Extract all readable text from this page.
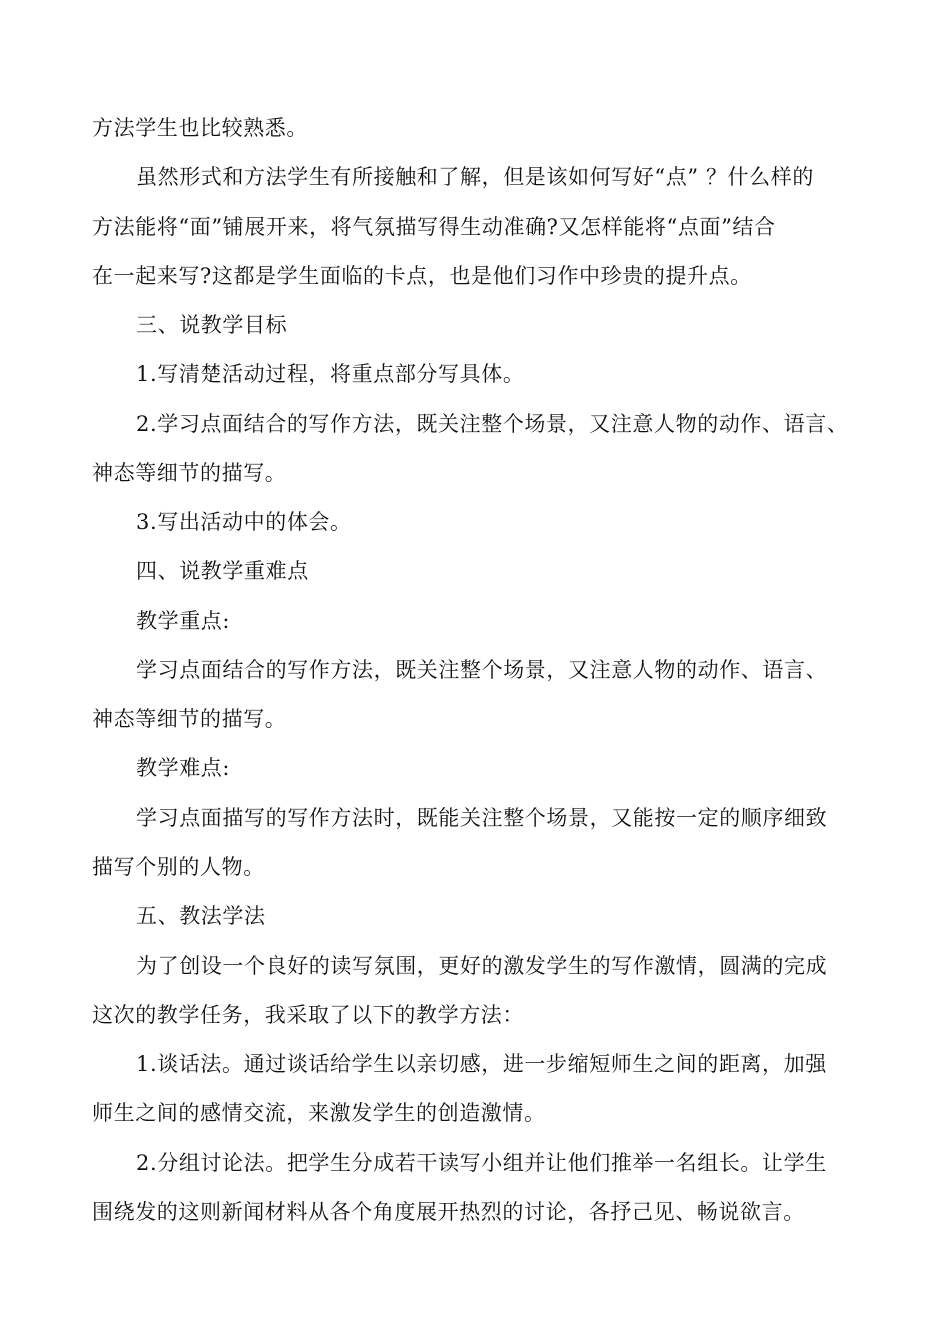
方法学生也比较熟悉。
虽然形式和方法学生有所接触和了解，但是该如何写好“点” ？什么样的
方法能将“面”铺展开来，将气氛描写得生动准确?又怎样能将“点面”结合
在一起来写?这都是学生面临的卡点，也是他们习作中珍贵的提升点。
三、说教学目标
1.写清楚活动过程，将重点部分写具体。
2.学习点面结合的写作方法，既关注整个场景，又注意人物的动作、语言、
神态等细节的描写。
3.写出活动中的体会。
四、说教学重难点
教学重点:
学习点面结合的写作方法，既关注整个场景，又注意人物的动作、语言、
神态等细节的描写。
教学难点:
学习点面描写的写作方法时，既能关注整个场景，又能按一定的顺序细致
描写个别的人物。
五、教法学法
为了创设一个良好的读写氛围，更好的激发学生的写作激情，圆满的完成
这次的教学任务，我采取了以下的教学方法：
1.谈话法。通过谈话给学生以亲切感，进一步缩短师生之间的距离，加强
师生之间的感情交流，来激发学生的创造激情。
2.分组讨论法。把学生分成若干读写小组并让他们推举一名组长。让学生
围绕发的这则新闻材料从各个角度展开热烈的讨论，各抒己见、畅说欲言。
